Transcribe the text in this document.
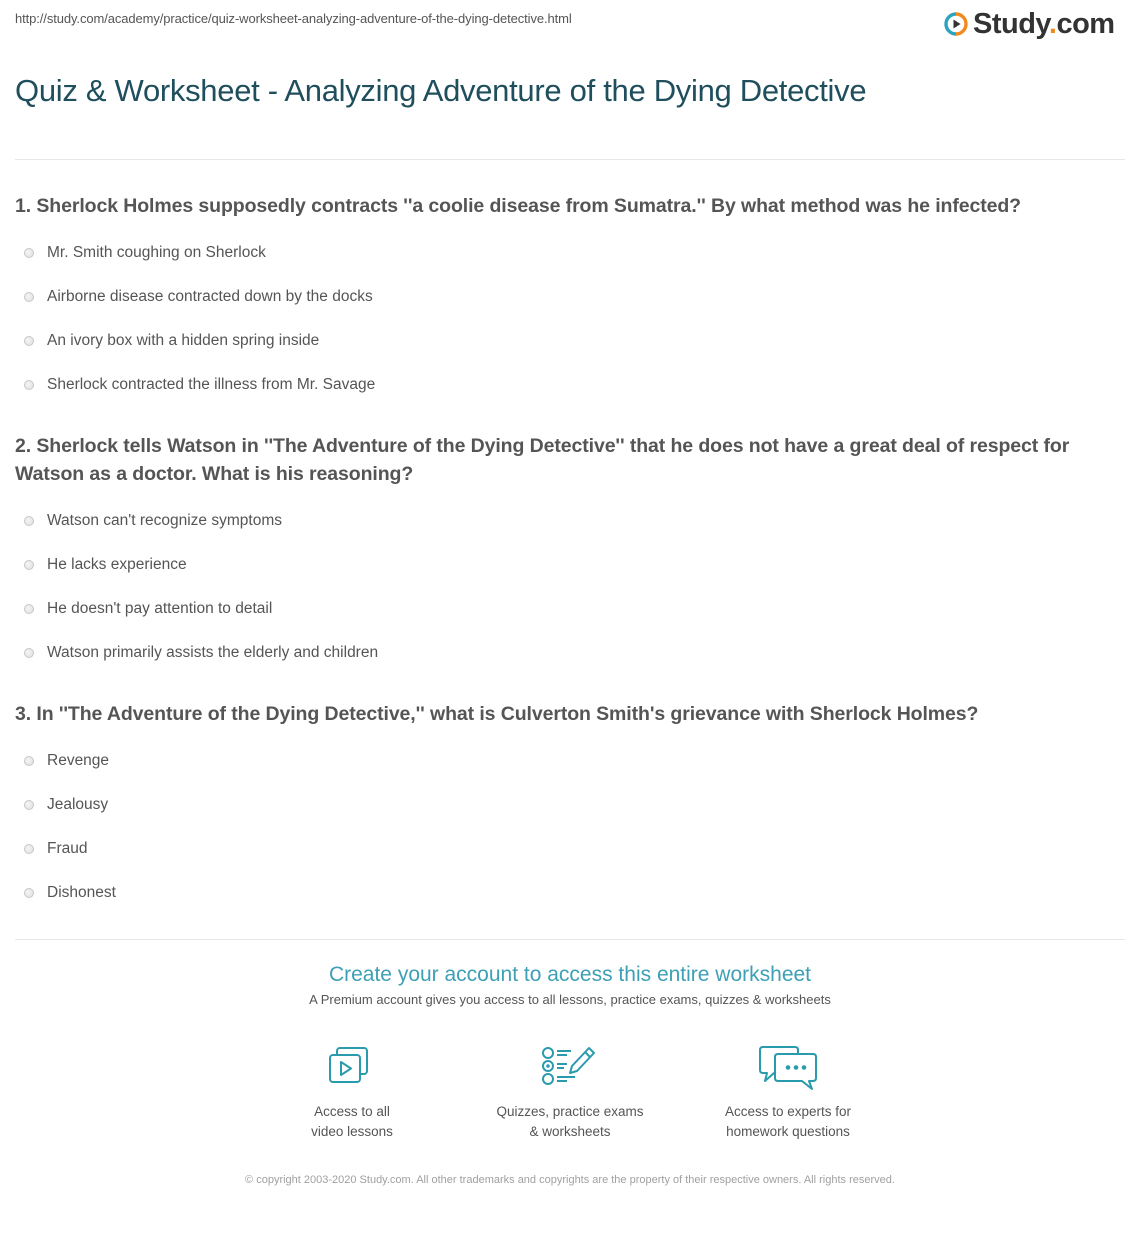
http://study.com/academy/practice/quiz-worksheet-analyzing-adventure-of-the-dying-detective.html	Study.com
Quiz & Worksheet - Analyzing Adventure of the Dying Detective
1. Sherlock Holmes supposedly contracts ''a coolie disease from Sumatra.'' By what method was he infected?
Mr. Smith coughing on Sherlock
Airborne disease contracted down by the docks
An ivory box with a hidden spring inside
Sherlock contracted the illness from Mr. Savage
2. Sherlock tells Watson in ''The Adventure of the Dying Detective'' that he does not have a great deal of respect for Watson as a doctor. What is his reasoning?
Watson can't recognize symptoms
He lacks experience
He doesn't pay attention to detail
Watson primarily assists the elderly and children
3. In ''The Adventure of the Dying Detective,'' what is Culverton Smith's grievance with Sherlock Holmes?
Revenge
Jealousy
Fraud
Dishonest
Create your account to access this entire worksheet
A Premium account gives you access to all lessons, practice exams, quizzes & worksheets
Access to all
video lessons
Quizzes, practice exams
& worksheets
Access to experts for
homework questions
© copyright 2003-2020 Study.com. All other trademarks and copyrights are the property of their respective owners. All rights reserved.
